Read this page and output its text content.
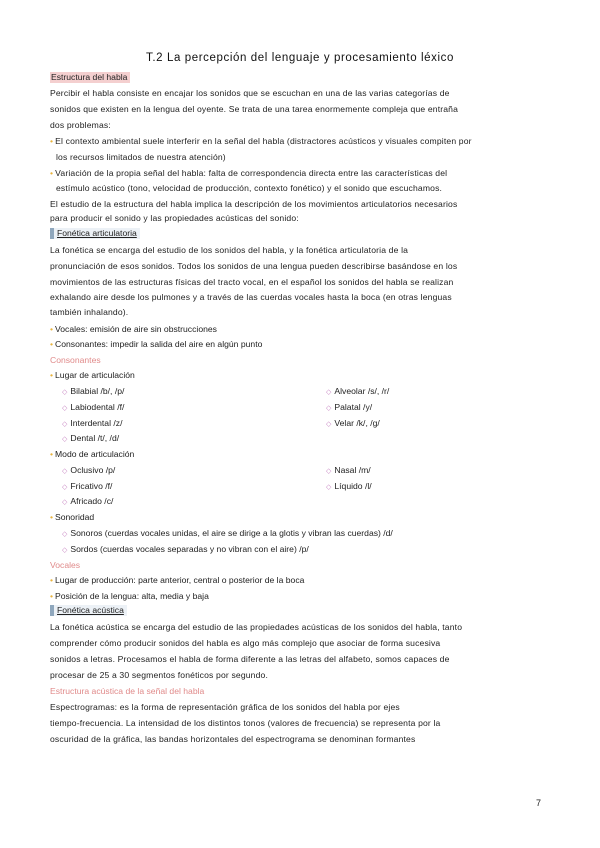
T.2 La percepción del lenguaje y procesamiento léxico
Estructura del habla
Percibir el habla consiste en encajar los sonidos que se escuchan en una de las varias categorías de
sonidos que existen en la lengua del oyente. Se trata de una tarea enormemente compleja que entraña
dos problemas:
• El contexto ambiental suele interferir en la señal del habla (distractores acústicos y visuales compiten por
los recursos limitados de nuestra atención)
• Variación de la propia señal del habla: falta de correspondencia directa entre las características del
estímulo acústico (tono, velocidad de producción, contexto fonético) y el sonido que escuchamos.
El estudio de la estructura del habla implica la descripción de los movimientos articulatorios necesarios
para producir el sonido y las propiedades acústicas del sonido:
Fonética articulatoria
La fonética se encarga del estudio de los sonidos del habla, y la fonética articulatoria de la
pronunciación de esos sonidos. Todos los sonidos de una lengua pueden describirse basándose en los
movimientos de las estructuras físicas del tracto vocal, en el español los sonidos del habla se realizan
exhalando aire desde los pulmones y a través de las cuerdas vocales hasta la boca (en otras lenguas
también inhalando).
• Vocales: emisión de aire sin obstrucciones
• Consonantes: impedir la salida del aire en algún punto
Consonantes
• Lugar de articulación
◇ Bilabial /b/, /p/	◇ Alveolar /s/, /r/
◇ Labiodental /f/	◇ Palatal /y/
◇ Interdental /z/	◇ Velar /k/, /g/
◇ Dental /t/, /d/
• Modo de articulación
◇ Oclusivo /p/	◇ Nasal /m/
◇ Fricativo /f/	◇ Líquido /l/
◇ Africado /c/
• Sonoridad
◇ Sonoros (cuerdas vocales unidas, el aire se dirige a la glotis y vibran las cuerdas) /d/
◇ Sordos (cuerdas vocales separadas y no vibran con el aire) /p/
Vocales
• Lugar de producción: parte anterior, central o posterior de la boca
• Posición de la lengua: alta, media y baja
Fonética acústica
La fonética acústica se encarga del estudio de las propiedades acústicas de los sonidos del habla, tanto
comprender cómo producir sonidos del habla es algo más complejo que asociar de forma sucesiva
sonidos a letras. Procesamos el habla de forma diferente a las letras del alfabeto, somos capaces de
procesar de 25 a 30 segmentos fonéticos por segundo.
Estructura acústica de la señal del habla
Espectrogramas: es la forma de representación gráfica de los sonidos del habla por ejes
tiempo-frecuencia. La intensidad de los distintos tonos (valores de frecuencia) se representa por la
oscuridad de la gráfica, las bandas horizontales del espectrograma se denominan formantes
7
